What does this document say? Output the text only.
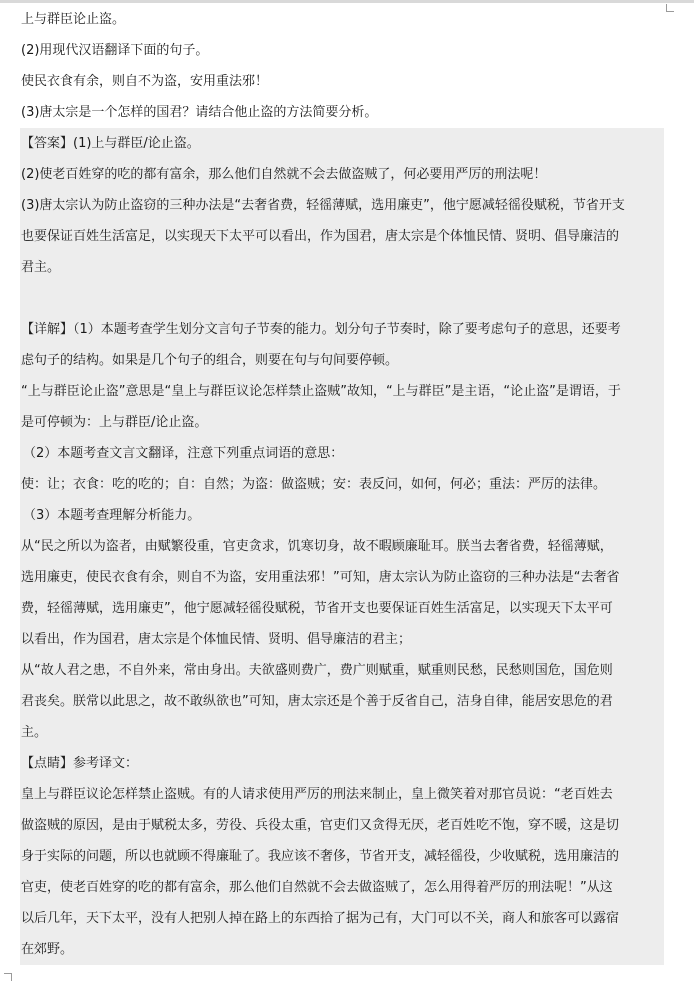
上与群臣论止盗。
(2)用现代汉语翻译下面的句子。
使民衣食有余，则自不为盗，安用重法邪！
(3)唐太宗是一个怎样的国君？请结合他止盗的方法简要分析。
【答案】(1)上与群臣/论止盗。
(2)使老百姓穿的吃的都有富余，那么他们自然就不会去做盗贼了，何必要用严厉的刑法呢！
(3)唐太宗认为防止盗窃的三种办法是“去奢省费，轻徭薄赋，选用廉吏”，他宁愿减轻徭役赋税，节省开支
也要保证百姓生活富足，以实现天下太平可以看出，作为国君，唐太宗是个体恤民情、贤明、倡导廉洁的
君主。
【详解】（1）本题考查学生划分文言句子节奏的能力。划分句子节奏时，除了要考虑句子的意思，还要考
虑句子的结构。如果是几个句子的组合，则要在句与句间要停顿。
“上与群臣论止盗”意思是“皇上与群臣议论怎样禁止盗贼”故知，“上与群臣”是主语，“论止盗”是谓语，于
是可停顿为：上与群臣/论止盗。
（2）本题考查文言文翻译，注意下列重点词语的意思：
使：让；衣食：吃的吃的；自：自然；为盗：做盗贼；安：表反问，如何，何必；重法：严厉的法律。
（3）本题考查理解分析能力。
从“民之所以为盗者，由赋繁役重，官吏贪求，饥寒切身，故不暇顾廉耻耳。朕当去奢省费，轻徭薄赋，
选用廉吏，使民衣食有余，则自不为盗，安用重法邪！”可知，唐太宗认为防止盗窃的三种办法是“去奢省
费，轻徭薄赋，选用廉吏”，他宁愿减轻徭役赋税，节省开支也要保证百姓生活富足，以实现天下太平可
以看出，作为国君，唐太宗是个体恤民情、贤明、倡导廉洁的君主；
从“故人君之患，不自外来，常由身出。夫欲盛则费广，费广则赋重，赋重则民愁，民愁则国危，国危则
君丧矣。朕常以此思之，故不敢纵欲也”可知，唐太宗还是个善于反省自己，洁身自律，能居安思危的君
主。
【点睛】参考译文：
皇上与群臣议论怎样禁止盗贼。有的人请求使用严厉的刑法来制止，皇上微笑着对那官员说：“老百姓去
做盗贼的原因，是由于赋税太多，劳役、兵役太重，官吏们又贪得无厌，老百姓吃不饱，穿不暖，这是切
身于实际的问题，所以也就顾不得廉耻了。我应该不奢侈，节省开支，减轻徭役，少收赋税，选用廉洁的
官吏，使老百姓穿的吃的都有富余，那么他们自然就不会去做盗贼了，怎么用得着严厉的刑法呢！”从这
以后几年，天下太平，没有人把别人掉在路上的东西拾了据为己有，大门可以不关，商人和旅客可以露宿
在郊野。
